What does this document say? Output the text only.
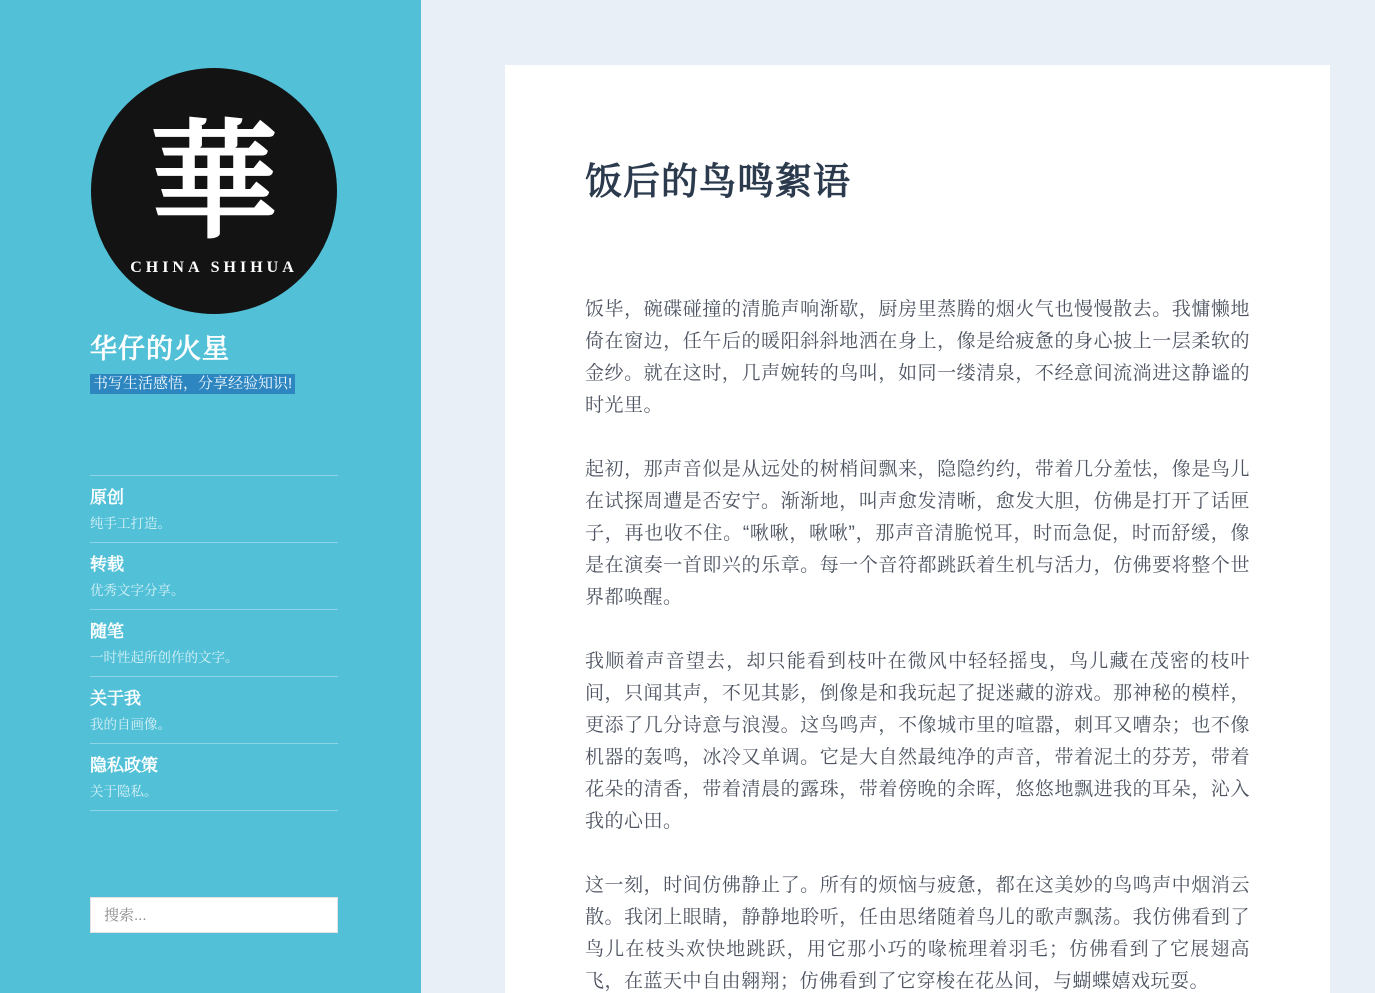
華
CHINA SHIHUA
华仔的火星

书写生活感悟，分享经验知识!

原创
纯手工打造。
转载
优秀文字分享。
随笔
一时性起所创作的文字。
关于我
我的自画像。
隐私政策
关于隐私。
搜索...
饭后的鸟鸣絮语

饭毕，碗碟碰撞的清脆声响渐歇，厨房里蒸腾的烟火气也慢慢散去。我慵懒地倚在窗边，任午后的暖阳斜斜地洒在身上，像是给疲惫的身心披上一层柔软的金纱。就在这时，几声婉转的鸟叫，如同一缕清泉，不经意间流淌进这静谧的时光里。

起初，那声音似是从远处的树梢间飘来，隐隐约约，带着几分羞怯，像是鸟儿在试探周遭是否安宁。渐渐地，叫声愈发清晰，愈发大胆，仿佛是打开了话匣子，再也收不住。“啾啾，啾啾”，那声音清脆悦耳，时而急促，时而舒缓，像是在演奏一首即兴的乐章。每一个音符都跳跃着生机与活力，仿佛要将整个世界都唤醒。

我顺着声音望去，却只能看到枝叶在微风中轻轻摇曳，鸟儿藏在茂密的枝叶间，只闻其声，不见其影，倒像是和我玩起了捉迷藏的游戏。那神秘的模样，更添了几分诗意与浪漫。这鸟鸣声，不像城市里的喧嚣，刺耳又嘈杂；也不像机器的轰鸣，冰冷又单调。它是大自然最纯净的声音，带着泥土的芬芳，带着花朵的清香，带着清晨的露珠，带着傍晚的余晖，悠悠地飘进我的耳朵，沁入我的心田。

这一刻，时间仿佛静止了。所有的烦恼与疲惫，都在这美妙的鸟鸣声中烟消云散。我闭上眼睛，静静地聆听，任由思绪随着鸟儿的歌声飘荡。我仿佛看到了鸟儿在枝头欢快地跳跃，用它那小巧的喙梳理着羽毛；仿佛看到了它展翅高飞，在蓝天中自由翱翔；仿佛看到了它穿梭在花丛间，与蝴蝶嬉戏玩耍。
